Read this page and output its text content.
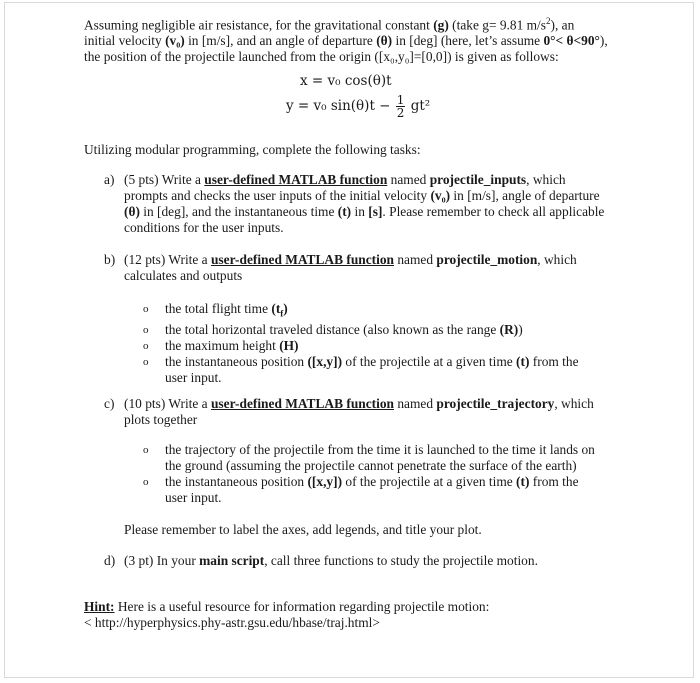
Assuming negligible air resistance, for the gravitational constant (g) (take g= 9.81 $m/s^2$), an

initial velocity (v₀) in [m/s], and an angle of departure (θ) in [deg] (here, let’s assume 0°< θ<90°),

the position of the projectile launched from the origin ([x₀,y₀]=[0,0]) is given as follows:

x = v₀ cos(θ)t
y = v₀ $\sin(\theta)t - \frac{1}{2} gt^2$
Utilizing modular programming, complete the following tasks:
a) (5 pts) Write a user-defined MATLAB function named projectile_inputs, which
prompts and checks the user inputs of the initial velocity (v₀) in [m/s], angle of departure
(θ) in [deg], and the instantaneous time (t) in [s]. Please remember to check all applicable
conditions for the user inputs.
b) (12 pts) Write a user-defined MATLAB function named projectile_motion, which
calculates and outputs
o the total flight time $(t_f)$
o the total horizontal traveled distance (also known as the range (R))
o the maximum height (H)
o the instantaneous position ([x,y]) of the projectile at a given time (t) from the
user input.
c) (10 pts) Write a user-defined MATLAB function named projectile_trajectory, which
plots together
o the trajectory of the projectile from the time it is launched to the time it lands on
the ground (assuming the projectile cannot penetrate the surface of the earth)
o the instantaneous position ([x,y]) of the projectile at a given time (t) from the
user input.
Please remember to label the axes, add legends, and title your plot.
d) (3 pt) In your main script, call three functions to study the projectile motion.
Hint: Here is a useful resource for information regarding projectile motion:
< http://hyperphysics.phy-astr.gsu.edu/hbase/traj.html>
